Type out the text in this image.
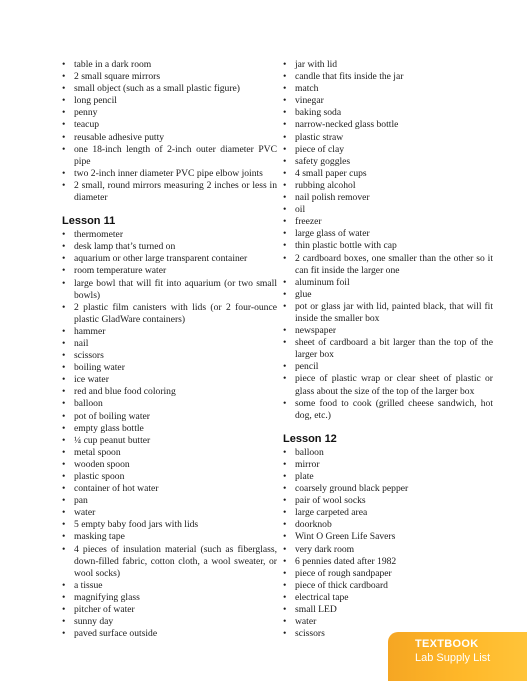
• table in a dark room
• 2 small square mirrors
• small object (such as a small plastic figure)
• long pencil
• penny
• teacup
• reusable adhesive putty
• one 18-inch length of 2-inch outer diameter PVC pipe
• two 2-inch inner diameter PVC pipe elbow joints
• 2 small, round mirrors measuring 2 inches or less in diameter
Lesson 11
• thermometer
• desk lamp that’s turned on
• aquarium or other large transparent container
• room temperature water
• large bowl that will fit into aquarium (or two small bowls)
• 2 plastic film canisters with lids (or 2 four-ounce plastic GladWare containers)
• hammer
• nail
• scissors
• boiling water
• ice water
• red and blue food coloring
• balloon
• pot of boiling water
• empty glass bottle
• ¼ cup peanut butter
• metal spoon
• wooden spoon
• plastic spoon
• container of hot water
• pan
• water
• 5 empty baby food jars with lids
• masking tape
• 4 pieces of insulation material (such as fiberglass, down-filled fabric, cotton cloth, a wool sweater, or wool socks)
• a tissue
• magnifying glass
• pitcher of water
• sunny day
• paved surface outside
• jar with lid
• candle that fits inside the jar
• match
• vinegar
• baking soda
• narrow-necked glass bottle
• plastic straw
• piece of clay
• safety goggles
• 4 small paper cups
• rubbing alcohol
• nail polish remover
• oil
• freezer
• large glass of water
• thin plastic bottle with cap
• 2 cardboard boxes, one smaller than the other so it can fit inside the larger one
• aluminum foil
• glue
• pot or glass jar with lid, painted black, that will fit inside the smaller box
• newspaper
• sheet of cardboard a bit larger than the top of the larger box
• pencil
• piece of plastic wrap or clear sheet of plastic or glass about the size of the top of the larger box
• some food to cook (grilled cheese sandwich, hot dog, etc.)
Lesson 12
• balloon
• mirror
• plate
• coarsely ground black pepper
• pair of wool socks
• large carpeted area
• doorknob
• Wint O Green Life Savers
• very dark room
• 6 pennies dated after 1982
• piece of rough sandpaper
• piece of thick cardboard
• electrical tape
• small LED
• water
• scissors
TEXTBOOK
Lab Supply List
